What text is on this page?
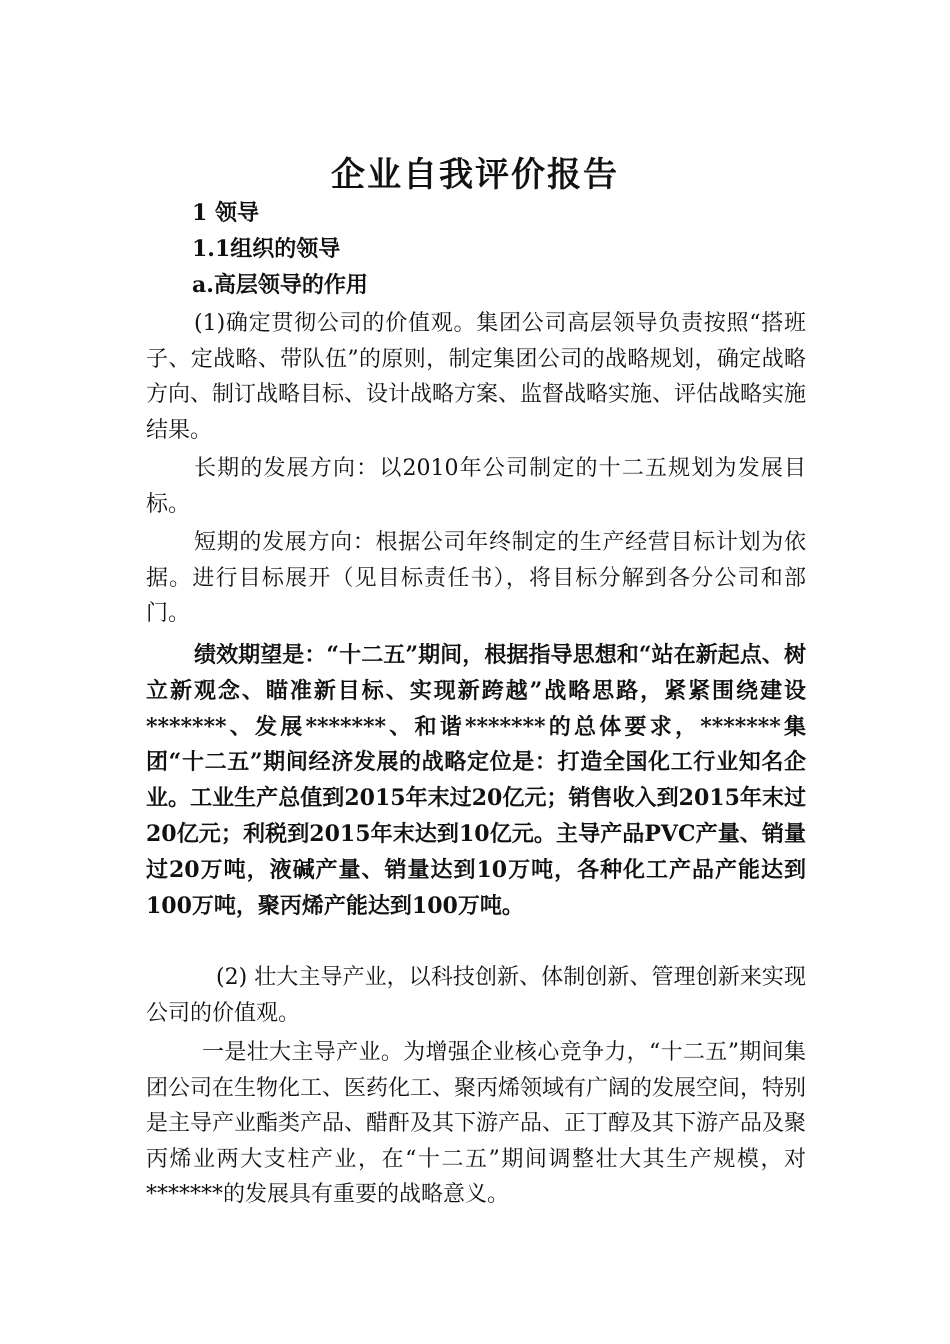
企业自我评价报告
1 领导
1.1组织的领导
a.高层领导的作用

(1)确定贯彻公司的价值观。集团公司高层领导负责按照“搭班子、定战略、带队伍”的原则，制定集团公司的战略规划，确定战略方向、制订战略目标、设计战略方案、监督战略实施、评估战略实施结果。

长期的发展方向：以2010年公司制定的十二五规划为发展目标。

短期的发展方向：根据公司年终制定的生产经营目标计划为依据。进行目标展开（见目标责任书），将目标分解到各分公司和部门。

绩效期望是：“十二五”期间，根据指导思想和“站在新起点、树立新观念、瞄准新目标、实现新跨越”战略思路，紧紧围绕建设*******、发展*******、和谐*******的总体要求，*******集团“十二五”期间经济发展的战略定位是：打造全国化工行业知名企业。工业生产总值到2015年末过20亿元；销售收入到2015年末过20亿元；利税到2015年末达到10亿元。主导产品PVC产量、销量过20万吨，液碱产量、销量达到10万吨，各种化工产品产能达到100万吨，聚丙烯产能达到100万吨。

(2) 壮大主导产业，以科技创新、体制创新、管理创新来实现公司的价值观。

一是壮大主导产业。为增强企业核心竞争力，“十二五”期间集团公司在生物化工、医药化工、聚丙烯领域有广阔的发展空间，特别是主导产业酯类产品、醋酐及其下游产品、正丁醇及其下游产品及聚丙烯业两大支柱产业，在“十二五”期间调整壮大其生产规模，对*******的发展具有重要的战略意义。
